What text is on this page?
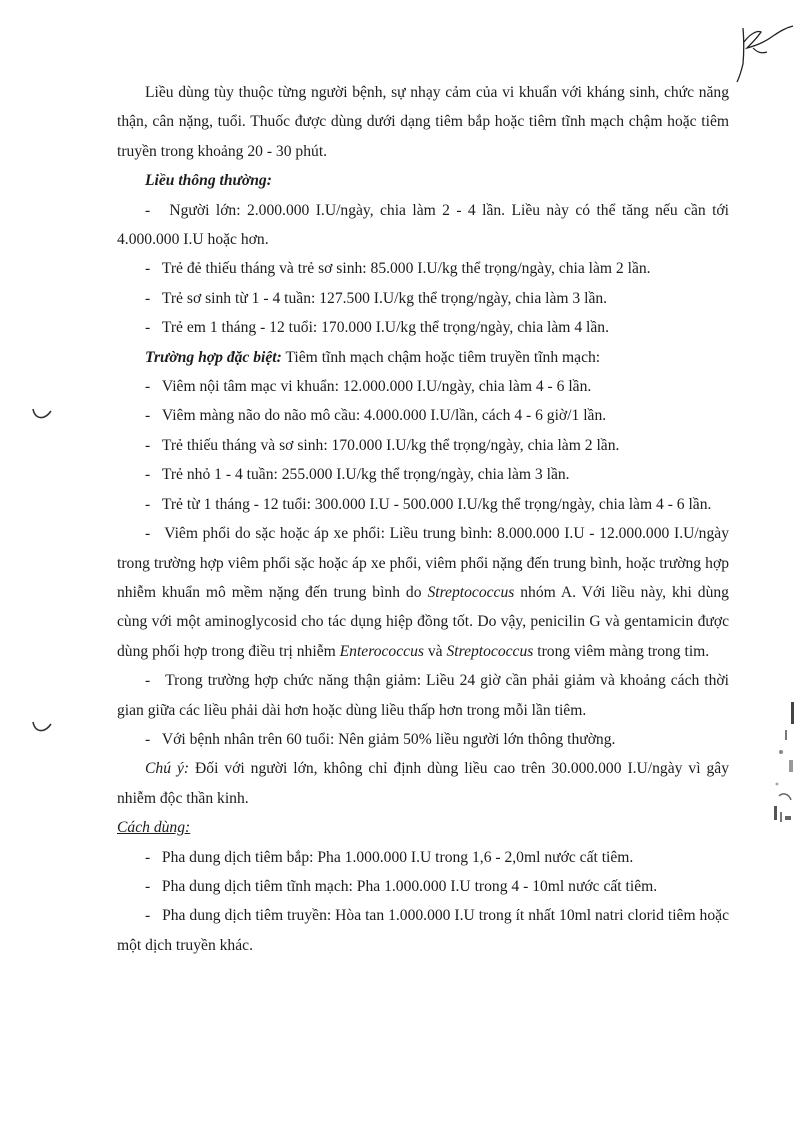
Liều dùng tùy thuộc từng người bệnh, sự nhạy cảm của vi khuẩn với kháng sinh, chức năng thận, cân nặng, tuổi. Thuốc được dùng dưới dạng tiêm bắp hoặc tiêm tĩnh mạch chậm hoặc tiêm truyền trong khoảng 20 - 30 phút.

Liều thông thường:

-   Người lớn: 2.000.000 I.U/ngày, chia làm 2 - 4 lần. Liều này có thể tăng nếu cần tới 4.000.000 I.U hoặc hơn.

-   Trẻ đẻ thiếu tháng và trẻ sơ sinh: 85.000 I.U/kg thể trọng/ngày, chia làm 2 lần.

-   Trẻ sơ sinh từ 1 - 4 tuần: 127.500 I.U/kg thể trọng/ngày, chia làm 3 lần.

-   Trẻ em 1 tháng - 12 tuổi: 170.000 I.U/kg thể trọng/ngày, chia làm 4 lần.

Trường hợp đặc biệt: Tiêm tĩnh mạch chậm hoặc tiêm truyền tĩnh mạch:

-   Viêm nội tâm mạc vi khuẩn: 12.000.000 I.U/ngày, chia làm 4 - 6 lần.

-   Viêm màng não do não mô cầu: 4.000.000 I.U/lần, cách 4 - 6 giờ/1 lần.

-   Trẻ thiếu tháng và sơ sinh: 170.000 I.U/kg thể trọng/ngày, chia làm 2 lần.

-   Trẻ nhỏ 1 - 4 tuần: 255.000 I.U/kg thể trọng/ngày, chia làm 3 lần.

-   Trẻ từ 1 tháng - 12 tuổi: 300.000 I.U - 500.000 I.U/kg thể trọng/ngày, chia làm 4 - 6 lần.

-   Viêm phổi do sặc hoặc áp xe phổi: Liều trung bình: 8.000.000 I.U - 12.000.000 I.U/ngày trong trường hợp viêm phổi sặc hoặc áp xe phổi, viêm phổi nặng đến trung bình, hoặc trường hợp nhiễm khuẩn mô mềm nặng đến trung bình do Streptococcus nhóm A. Với liều này, khi dùng cùng với một aminoglycosid cho tác dụng hiệp đồng tốt. Do vậy, penicilin G và gentamicin được dùng phối hợp trong điều trị nhiễm Enterococcus và Streptococcus trong viêm màng trong tim.

-   Trong trường hợp chức năng thận giảm: Liều 24 giờ cần phải giảm và khoảng cách thời gian giữa các liều phải dài hơn hoặc dùng liều thấp hơn trong mỗi lần tiêm.

-   Với bệnh nhân trên 60 tuổi: Nên giảm 50% liều người lớn thông thường.

Chú ý: Đối với người lớn, không chỉ định dùng liều cao trên 30.000.000 I.U/ngày vì gây nhiễm độc thần kinh.

Cách dùng:

-   Pha dung dịch tiêm bắp: Pha 1.000.000 I.U trong 1,6 - 2,0ml nước cất tiêm.

-   Pha dung dịch tiêm tĩnh mạch: Pha 1.000.000 I.U trong 4 - 10ml nước cất tiêm.

-   Pha dung dịch tiêm truyền: Hòa tan 1.000.000 I.U trong ít nhất 10ml natri clorid tiêm hoặc một dịch truyền khác.
